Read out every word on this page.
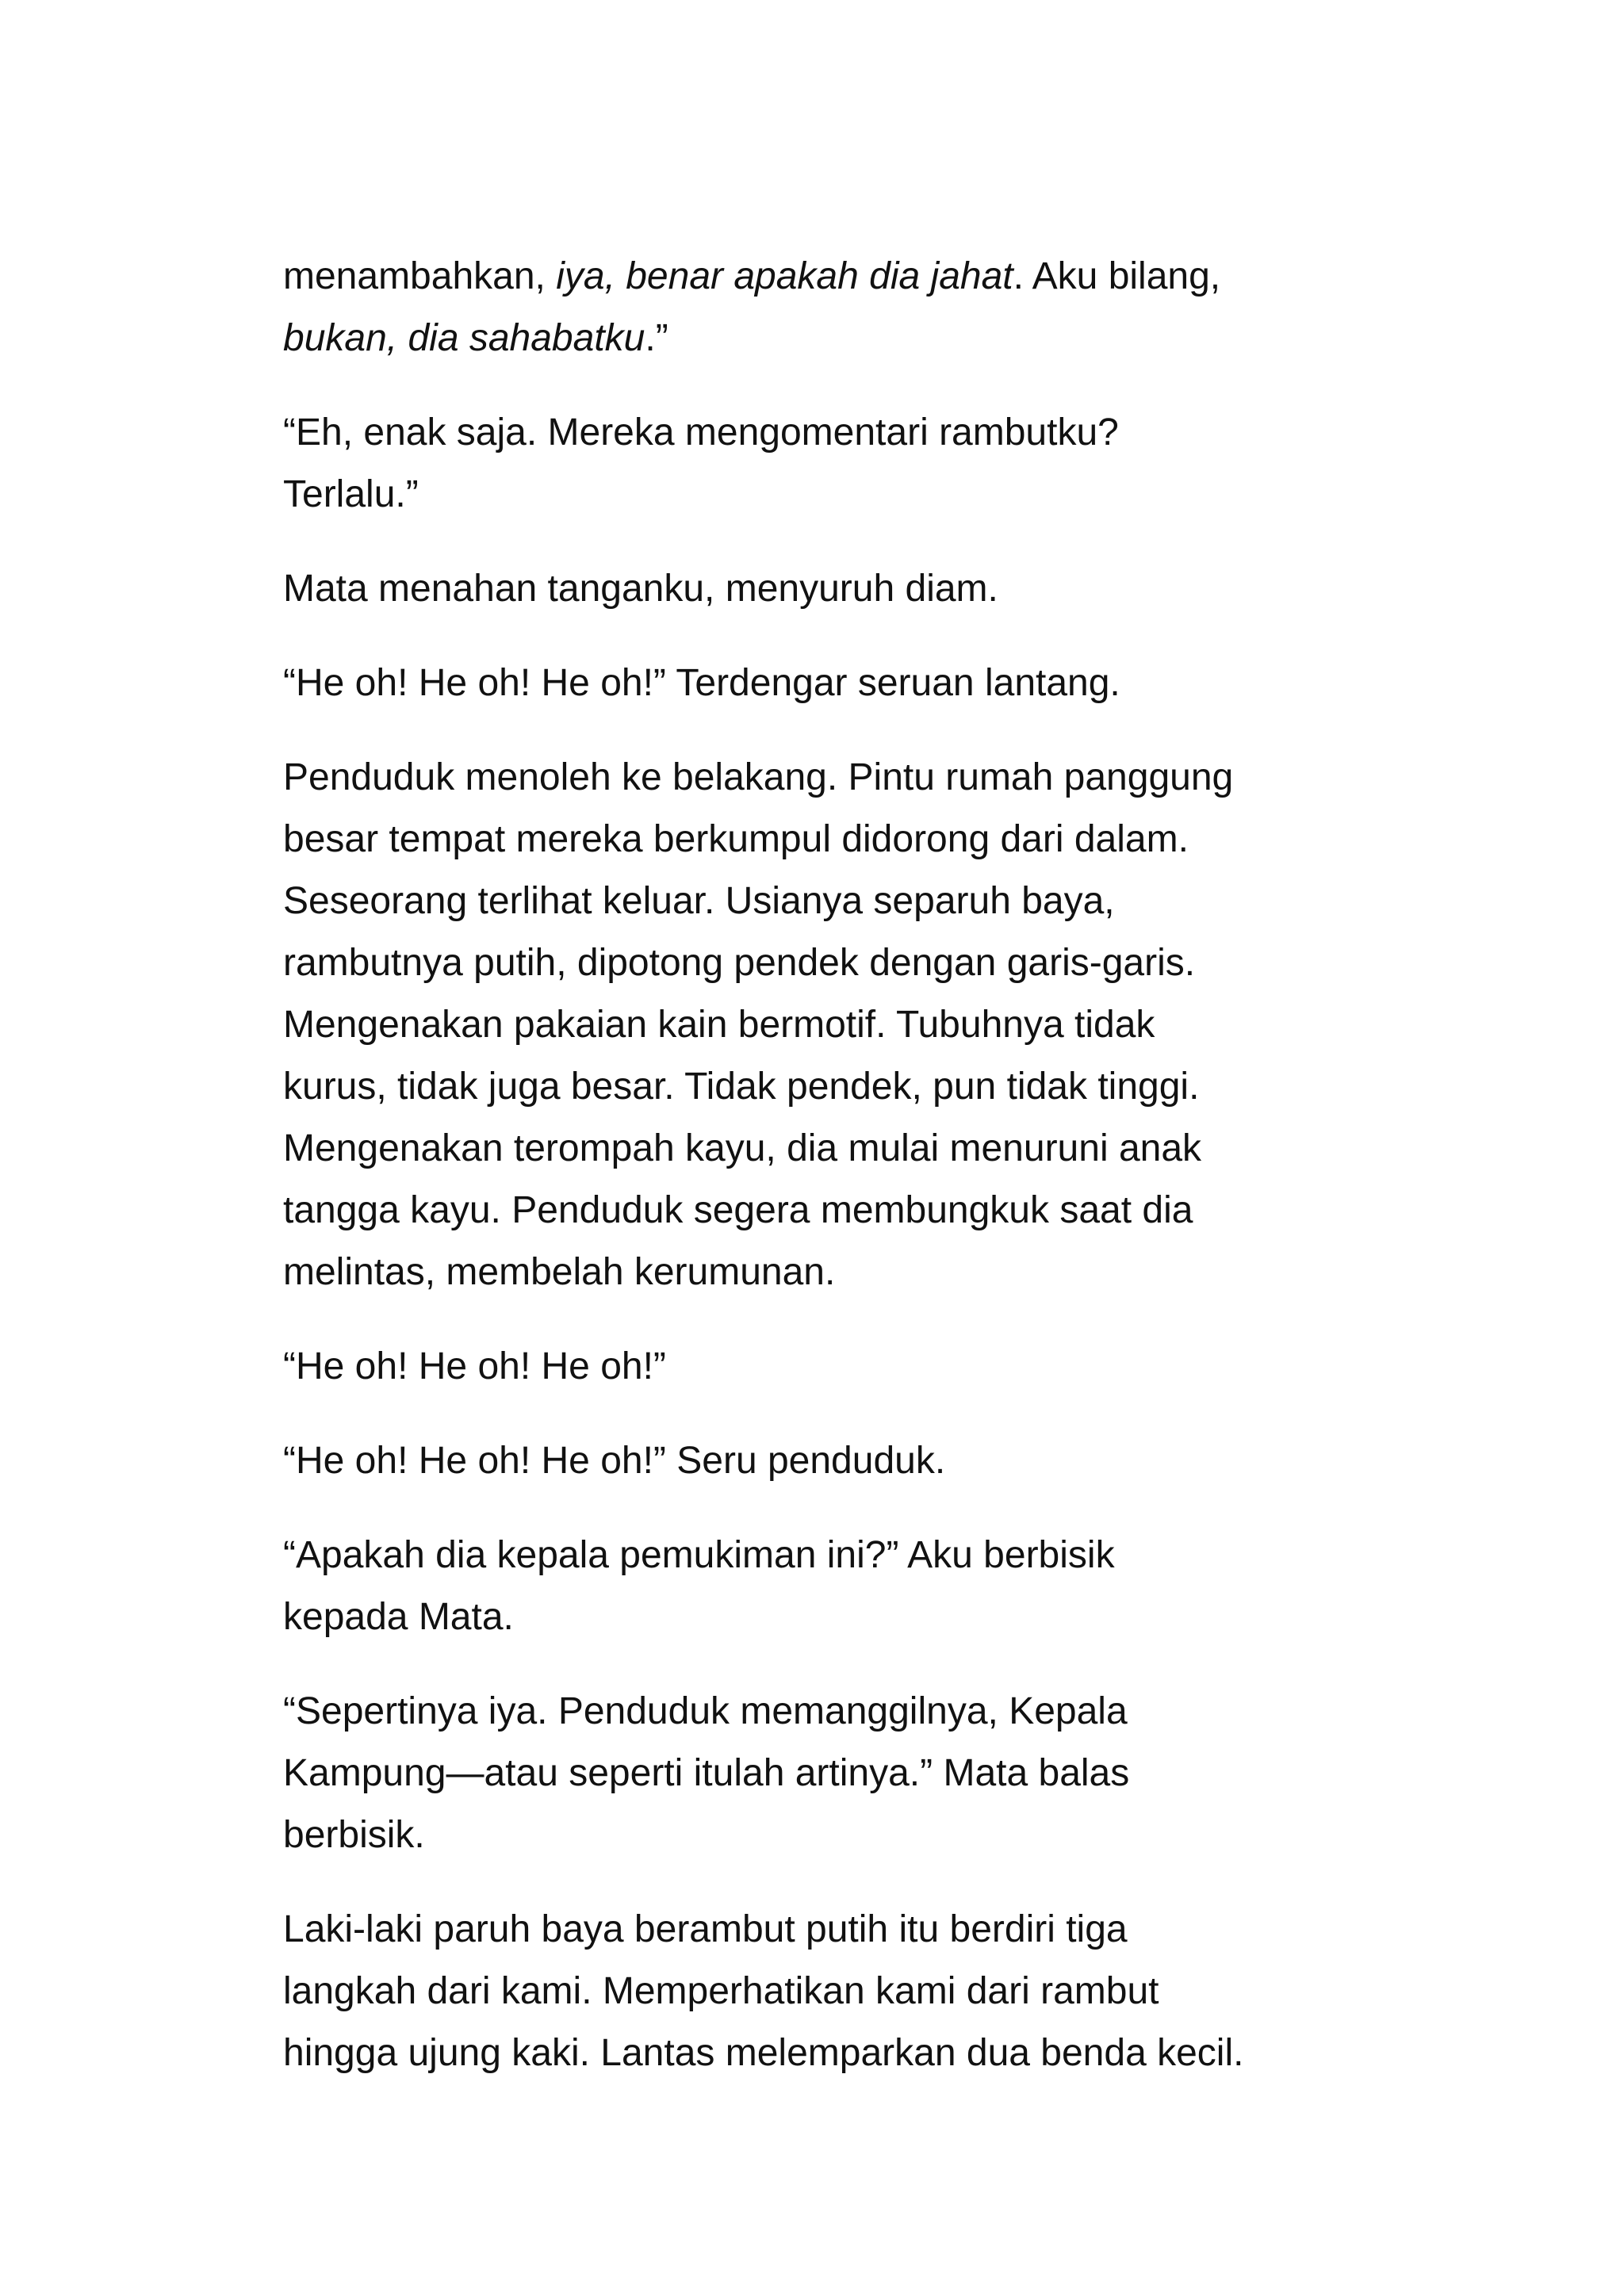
menambahkan, iya, benar apakah dia jahat. Aku bilang,
bukan, dia sahabatku.”

“Eh, enak saja. Mereka mengomentari rambutku?
Terlalu.”

Mata menahan tanganku, menyuruh diam.

“He oh! He oh! He oh!” Terdengar seruan lantang.

Penduduk menoleh ke belakang. Pintu rumah panggung
besar tempat mereka berkumpul didorong dari dalam.
Seseorang terlihat keluar. Usianya separuh baya,
rambutnya putih, dipotong pendek dengan garis-garis.
Mengenakan pakaian kain bermotif. Tubuhnya tidak
kurus, tidak juga besar. Tidak pendek, pun tidak tinggi.
Mengenakan terompah kayu, dia mulai menuruni anak
tangga kayu. Penduduk segera membungkuk saat dia
melintas, membelah kerumunan.

“He oh! He oh! He oh!”

“He oh! He oh! He oh!” Seru penduduk.

“Apakah dia kepala pemukiman ini?” Aku berbisik
kepada Mata.

“Sepertinya iya. Penduduk memanggilnya, Kepala
Kampung—atau seperti itulah artinya.” Mata balas
berbisik.

Laki-laki paruh baya berambut putih itu berdiri tiga
langkah dari kami. Memperhatikan kami dari rambut
hingga ujung kaki. Lantas melemparkan dua benda kecil.
